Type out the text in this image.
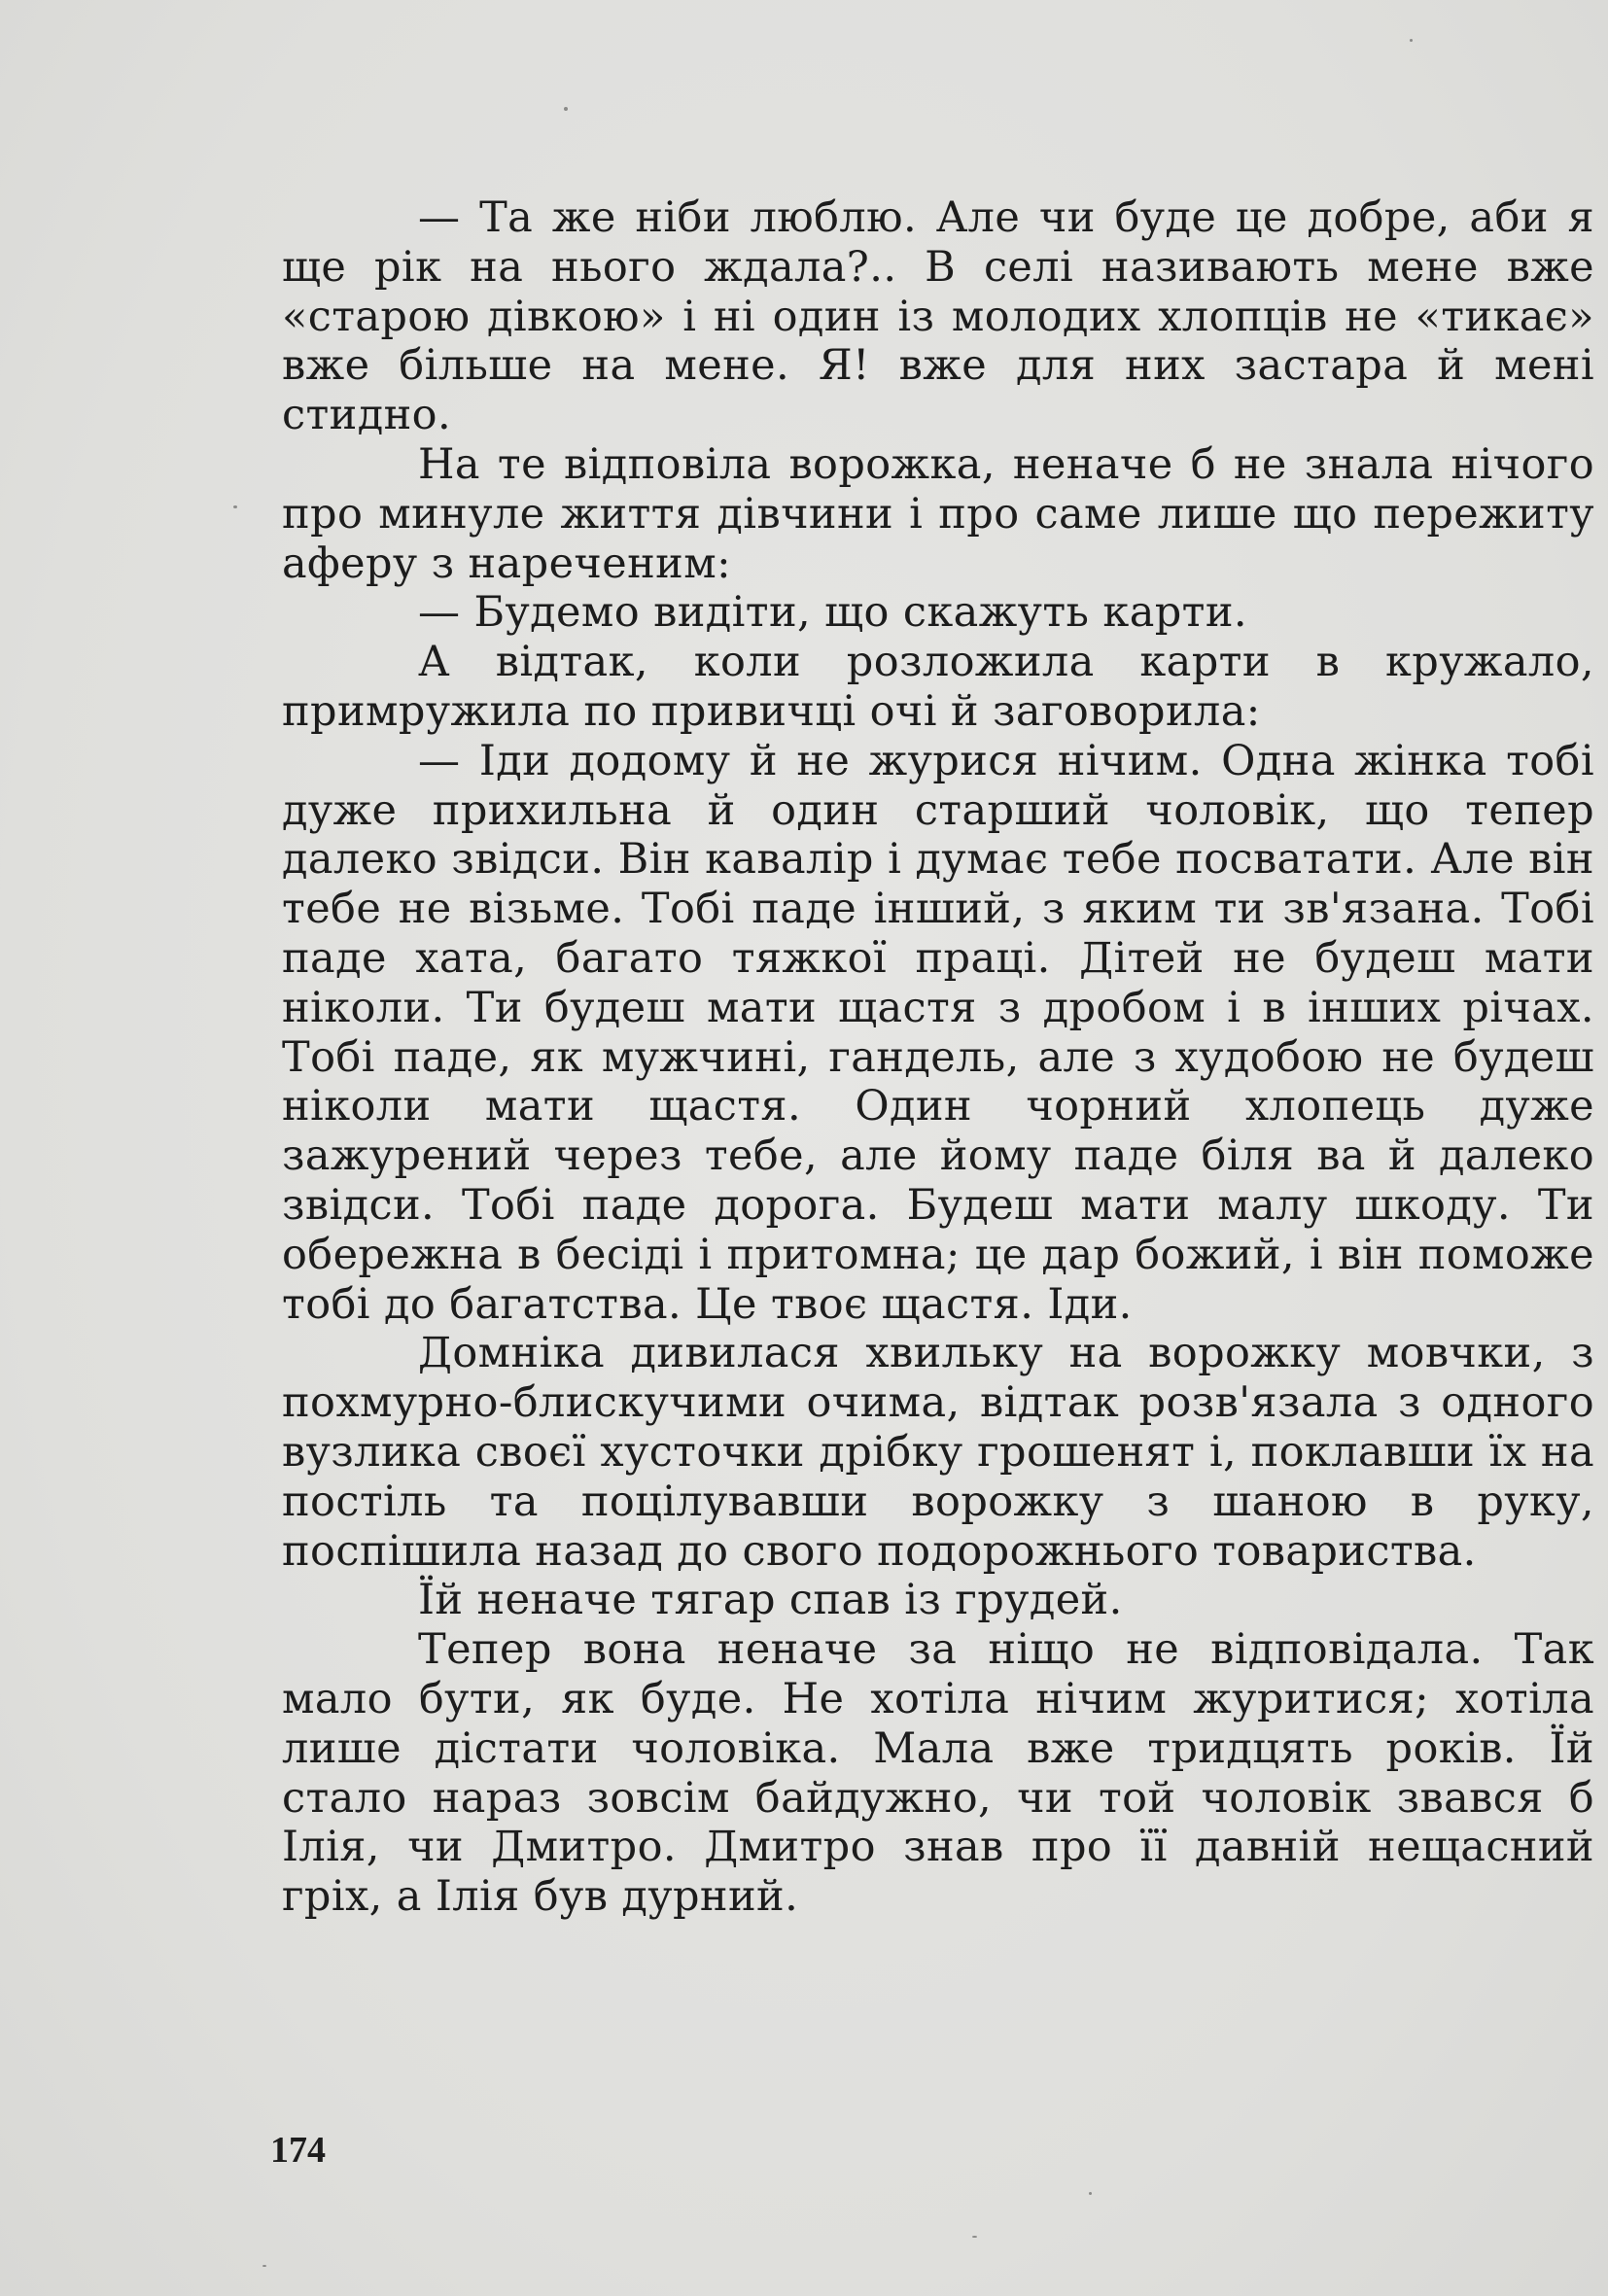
— Та же ніби люблю. Але чи буде це добре, аби я ще рік на нього ждала?.. В селі називають мене вже «старою дівкою» і ні один із молодих хлопців не «тикає» вже більше на мене. Я! вже для них застара й мені стидно.

На те відповіла ворожка, неначе б не знала нічого про минуле життя дівчини і про саме лише що пережиту аферу з нареченим:

— Будемо видіти, що скажуть карти.

А відтак, коли розложила карти в кружало, примружила по привичці очі й заговорила:

— Іди додому й не журися нічим. Одна жінка тобі дуже прихильна й один старший чоловік, що тепер далеко звідси. Він кавалір і думає тебе посватати. Але він тебе не візьме. Тобі паде інший, з яким ти зв'язана. Тобі паде хата, багато тяжкої праці. Дітей не будеш мати ніколи. Ти будеш мати щастя з дробом і в інших річах. Тобі паде, як мужчині, гандель, але з худобою не будеш ніколи мати щастя. Один чорний хлопець дуже зажурений через тебе, але йому паде біля ва й далеко звідси. Тобі паде дорога. Будеш мати малу шкоду. Ти обережна в бесіді і притомна; це дар божий, і він поможе тобі до багатства. Це твоє щастя. Іди.

Домніка дивилася хвильку на ворожку мовчки, з похмурно-блискучими очима, відтак розв'язала з одного вузлика своєї хусточки дрібку грошенят і, поклавши їх на постіль та поцілувавши ворожку з шаною в руку, поспішила назад до свого подорожнього товариства.

Їй неначе тягар спав із грудей.

Тепер вона неначе за ніщо не відповідала. Так мало бути, як буде. Не хотіла нічим журитися; хотіла лише дістати чоловіка. Мала вже тридцять років. Їй стало нараз зовсім байдужно, чи той чоловік звався б Ілія, чи Дмитро. Дмитро знав про її давній нещасний гріх, а Ілія був дурний.

174
